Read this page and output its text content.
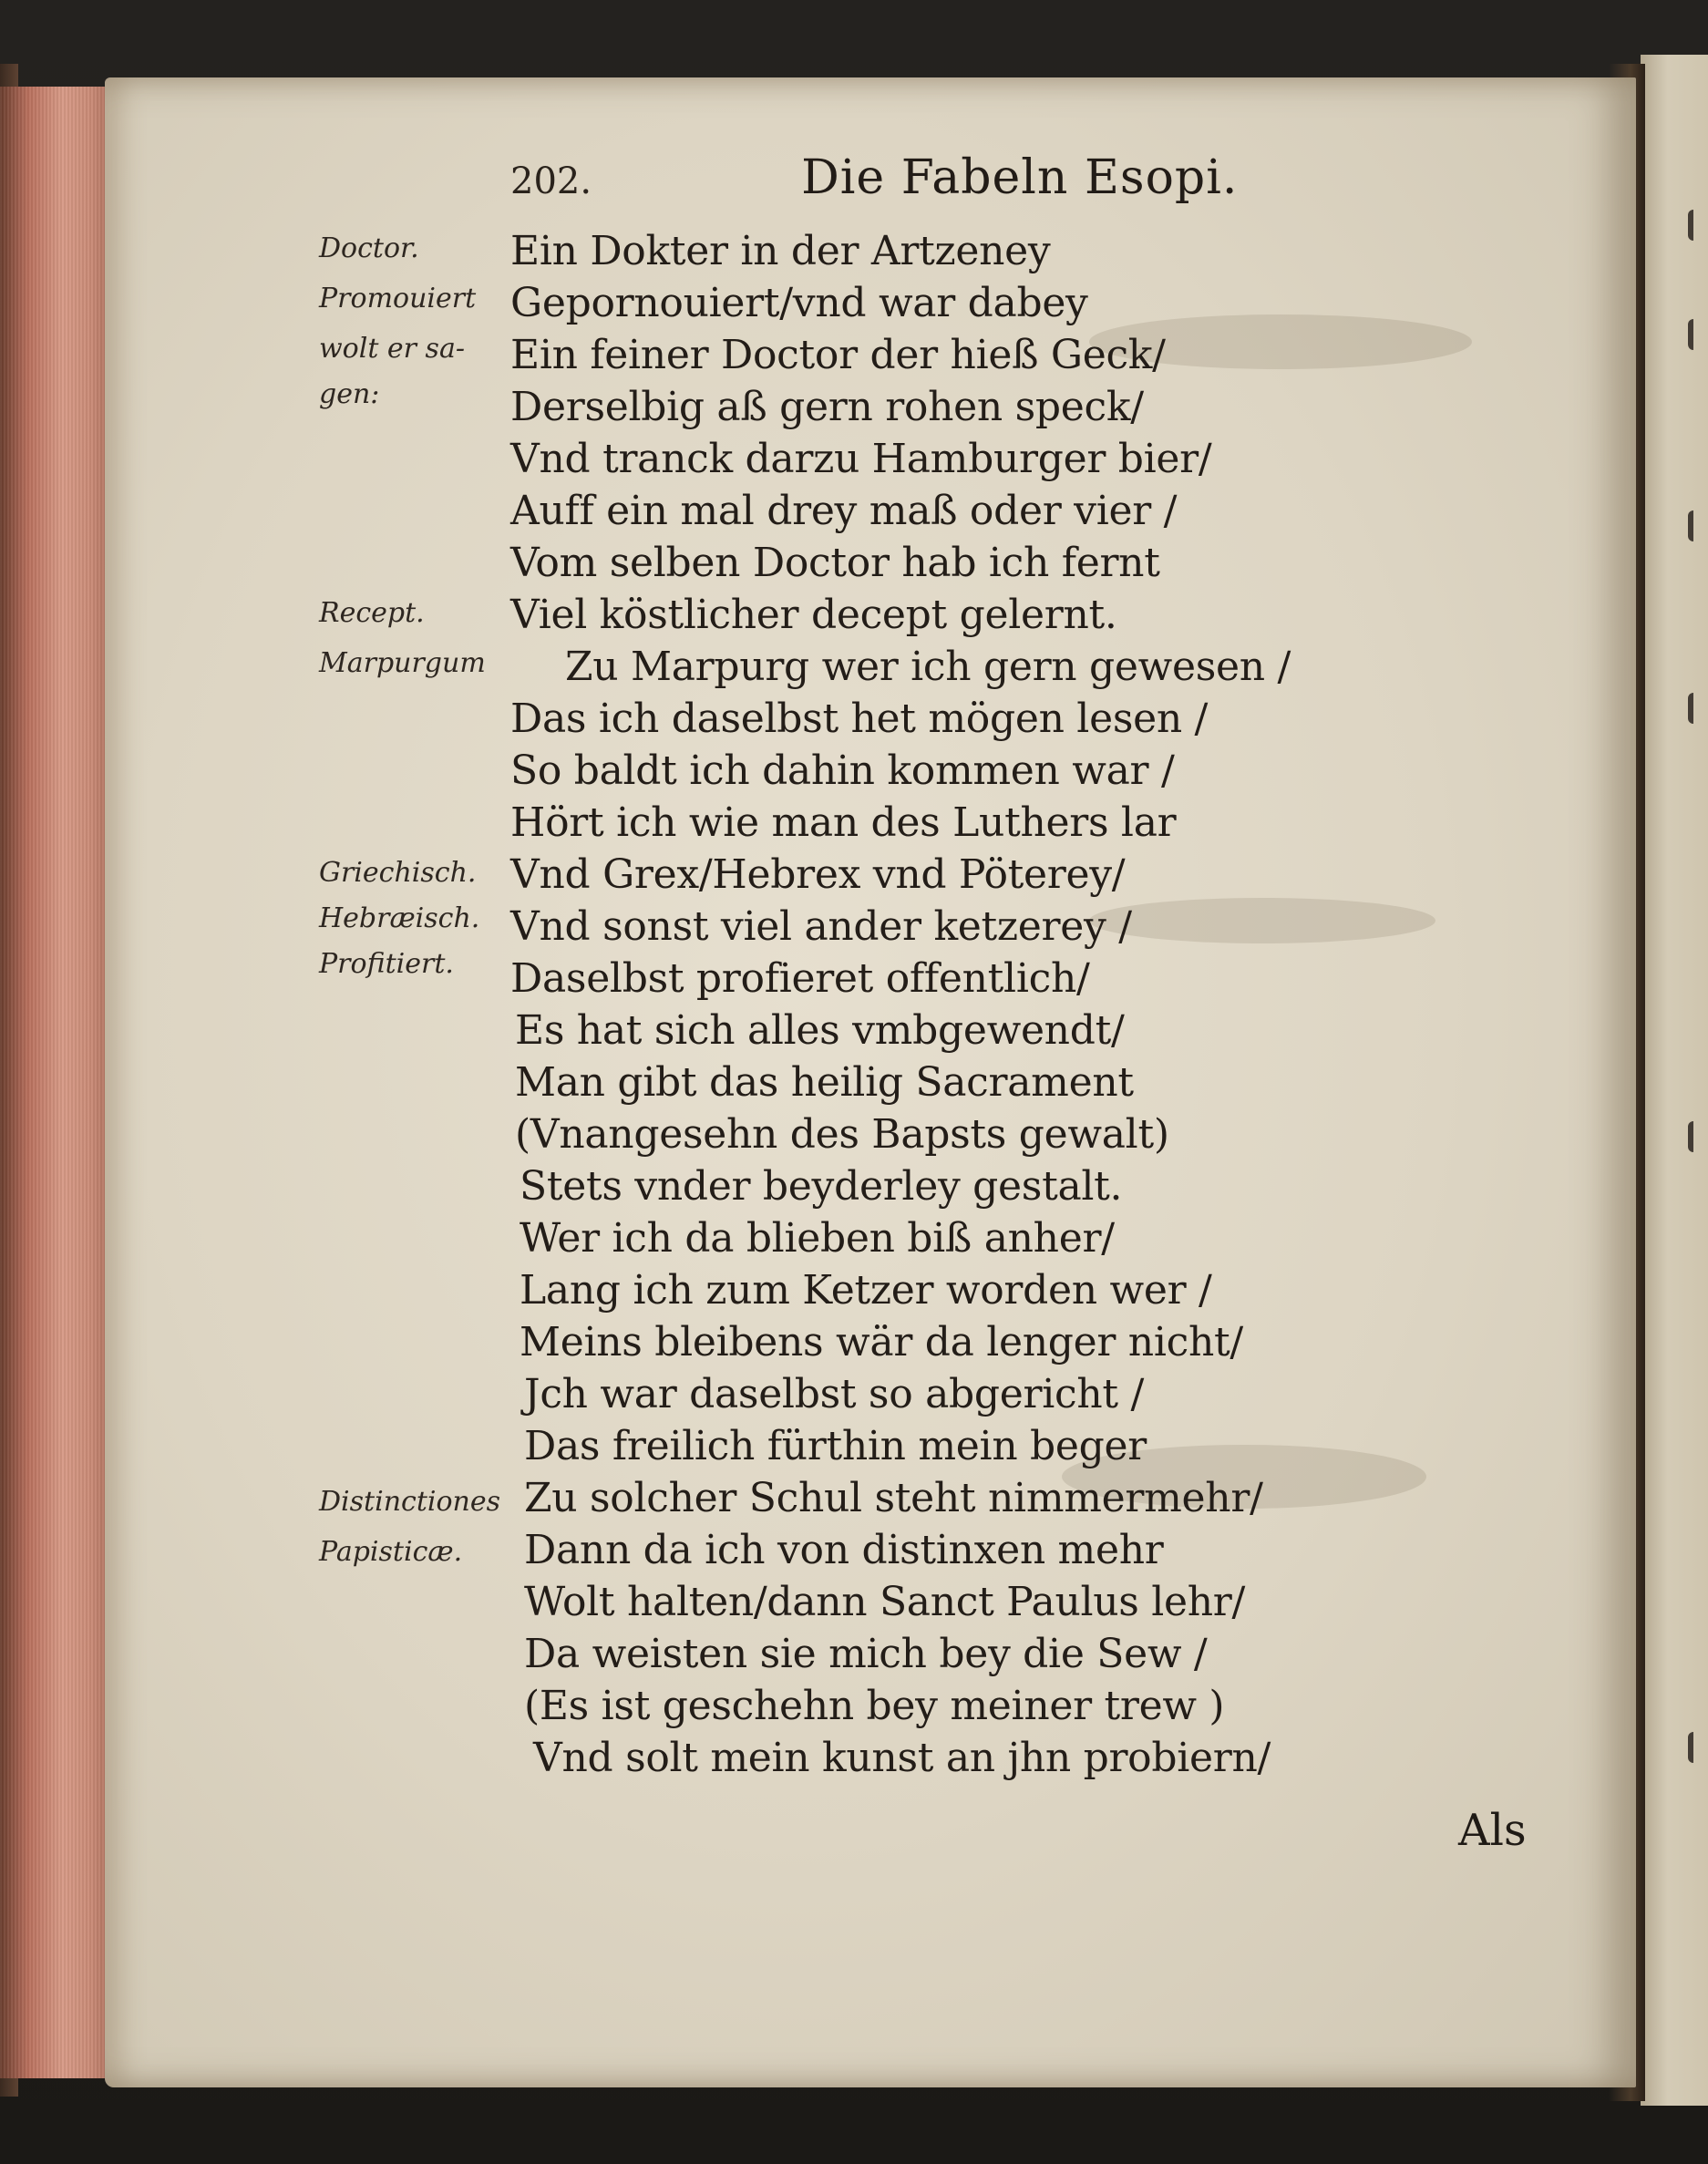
202.	Die Fabeln Esopi.
Doctor.
Promouiert
wolt er sa-
gen:
Recept.
Marpurgum
Griechisch.
Hebræisch.
Profitiert.
Distinctiones
Papisticæ.
Ein Dokter in der Artzeney
Gepornouiert/vnd war dabey
Ein feiner Doctor der hieß Geck/
Derselbig aß gern rohen speck/
Vnd tranck darzu Hamburger bier/
Auff ein mal drey maß oder vier /
Vom selben Doctor hab ich fernt
Viel köstlicher decept gelernt.
Zu Marpurg wer ich gern gewesen /
Das ich daselbst het mögen lesen /
So baldt ich dahin kommen war /
Hört ich wie man des Luthers lar
Vnd Grex/Hebrex vnd Pöterey/
Vnd sonst viel ander ketzerey /
Daselbst profieret offentlich/
Es hat sich alles vmbgewendt/
Man gibt das heilig Sacrament
(Vnangesehn des Bapsts gewalt)
Stets vnder beyderley gestalt.
Wer ich da blieben biß anher/
Lang ich zum Ketzer worden wer /
Meins bleibens wär da lenger nicht/
Jch war daselbst so abgericht /
Das freilich fürthin mein beger
Zu solcher Schul steht nimmermehr/
Dann da ich von distinxen mehr
Wolt halten/dann Sanct Paulus lehr/
Da weisten sie mich bey die Sew /
(Es ist geschehn bey meiner trew )
Vnd solt mein kunst an jhn probiern/
Als
